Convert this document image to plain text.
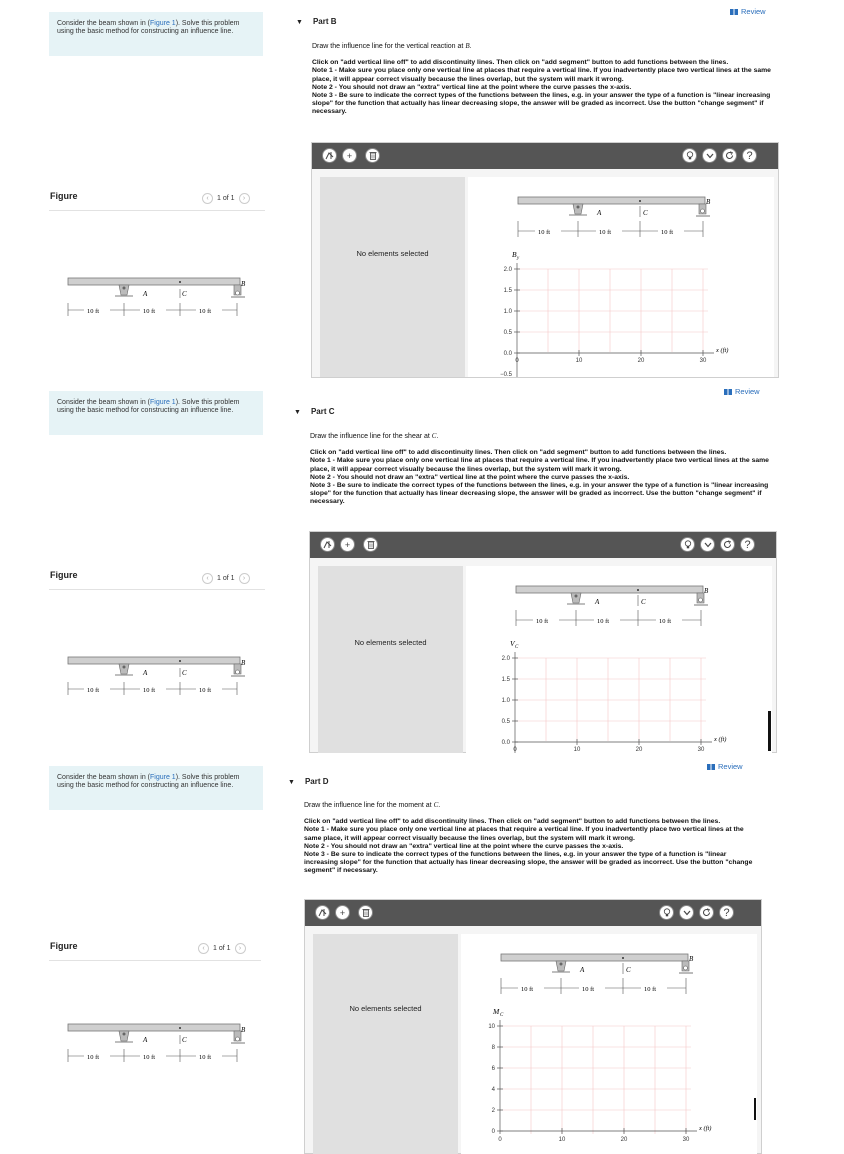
Consider the beam shown in (Figure 1). Solve this problem using the basic method for constructing an influence line.
Figure	‹	1 of 1	›
A
B
C
10 ft	10 ft	10 ft
Review
▼ Part B
Draw the influence line for the vertical reaction at B.
Click on "add vertical line off" to add discontinuity lines. Then click on "add segment" button to add functions between the lines.
Note 1 - Make sure you place only one vertical line at places that require a vertical line. If you inadvertently place two vertical lines at the same place, it will appear correct visually because the lines overlap, but the system will mark it wrong.
Note 2 - You should not draw an "extra" vertical line at the point where the curve passes the x-axis.
Note 3 - Be sure to indicate the correct types of the functions between the lines, e.g. in your answer the type of a function is "linear increasing slope" for the function that actually has linear decreasing slope, the answer will be graded as incorrect. Use the button "change segment" if necessary.
+	?
No elements selected
A	C
B
10 ft	10 ft	10 ft
B y
2.0
1.5
1.0
0.5
0.0
0	10	20	30
x (ft)
−0.5
Consider the beam shown in (Figure 1). Solve this problem using the basic method for constructing an influence line.
Figure	‹	1 of 1	›
A
B
C
10 ft	10 ft	10 ft
Review
▼ Part C
Draw the influence line for the shear at C.
Click on "add vertical line off" to add discontinuity lines. Then click on "add segment" button to add functions between the lines.
Note 1 - Make sure you place only one vertical line at places that require a vertical line. If you inadvertently place two vertical lines at the same place, it will appear correct visually because the lines overlap, but the system will mark it wrong.
Note 2 - You should not draw an "extra" vertical line at the point where the curve passes the x-axis.
Note 3 - Be sure to indicate the correct types of the functions between the lines, e.g. in your answer the type of a function is "linear increasing slope" for the function that actually has linear decreasing slope, the answer will be graded as incorrect. Use the button "change segment" if necessary.
+	?
No elements selected
A	C
B
10 ft	10 ft	10 ft
V C
2.0
1.5
1.0
0.5
0.0
0	10	20	30
x (ft)
Consider the beam shown in (Figure 1). Solve this problem using the basic method for constructing an influence line.
Figure	‹	1 of 1	›
A
B
C
10 ft	10 ft	10 ft
Review
▼ Part D
Draw the influence line for the moment at C.
Click on "add vertical line off" to add discontinuity lines. Then click on "add segment" button to add functions between the lines.
Note 1 - Make sure you place only one vertical line at places that require a vertical line. If you inadvertently place two vertical lines at the same place, it will appear correct visually because the lines overlap, but the system will mark it wrong.
Note 2 - You should not draw an "extra" vertical line at the point where the curve passes the x-axis.
Note 3 - Be sure to indicate the correct types of the functions between the lines, e.g. in your answer the type of a function is "linear increasing slope" for the function that actually has linear decreasing slope, the answer will be graded as incorrect. Use the button "change segment" if necessary.
+	?
No elements selected
A	C
B
10 ft	10 ft	10 ft
M C
10
8
6
4
2
0
0	10	20	30
x (ft)
